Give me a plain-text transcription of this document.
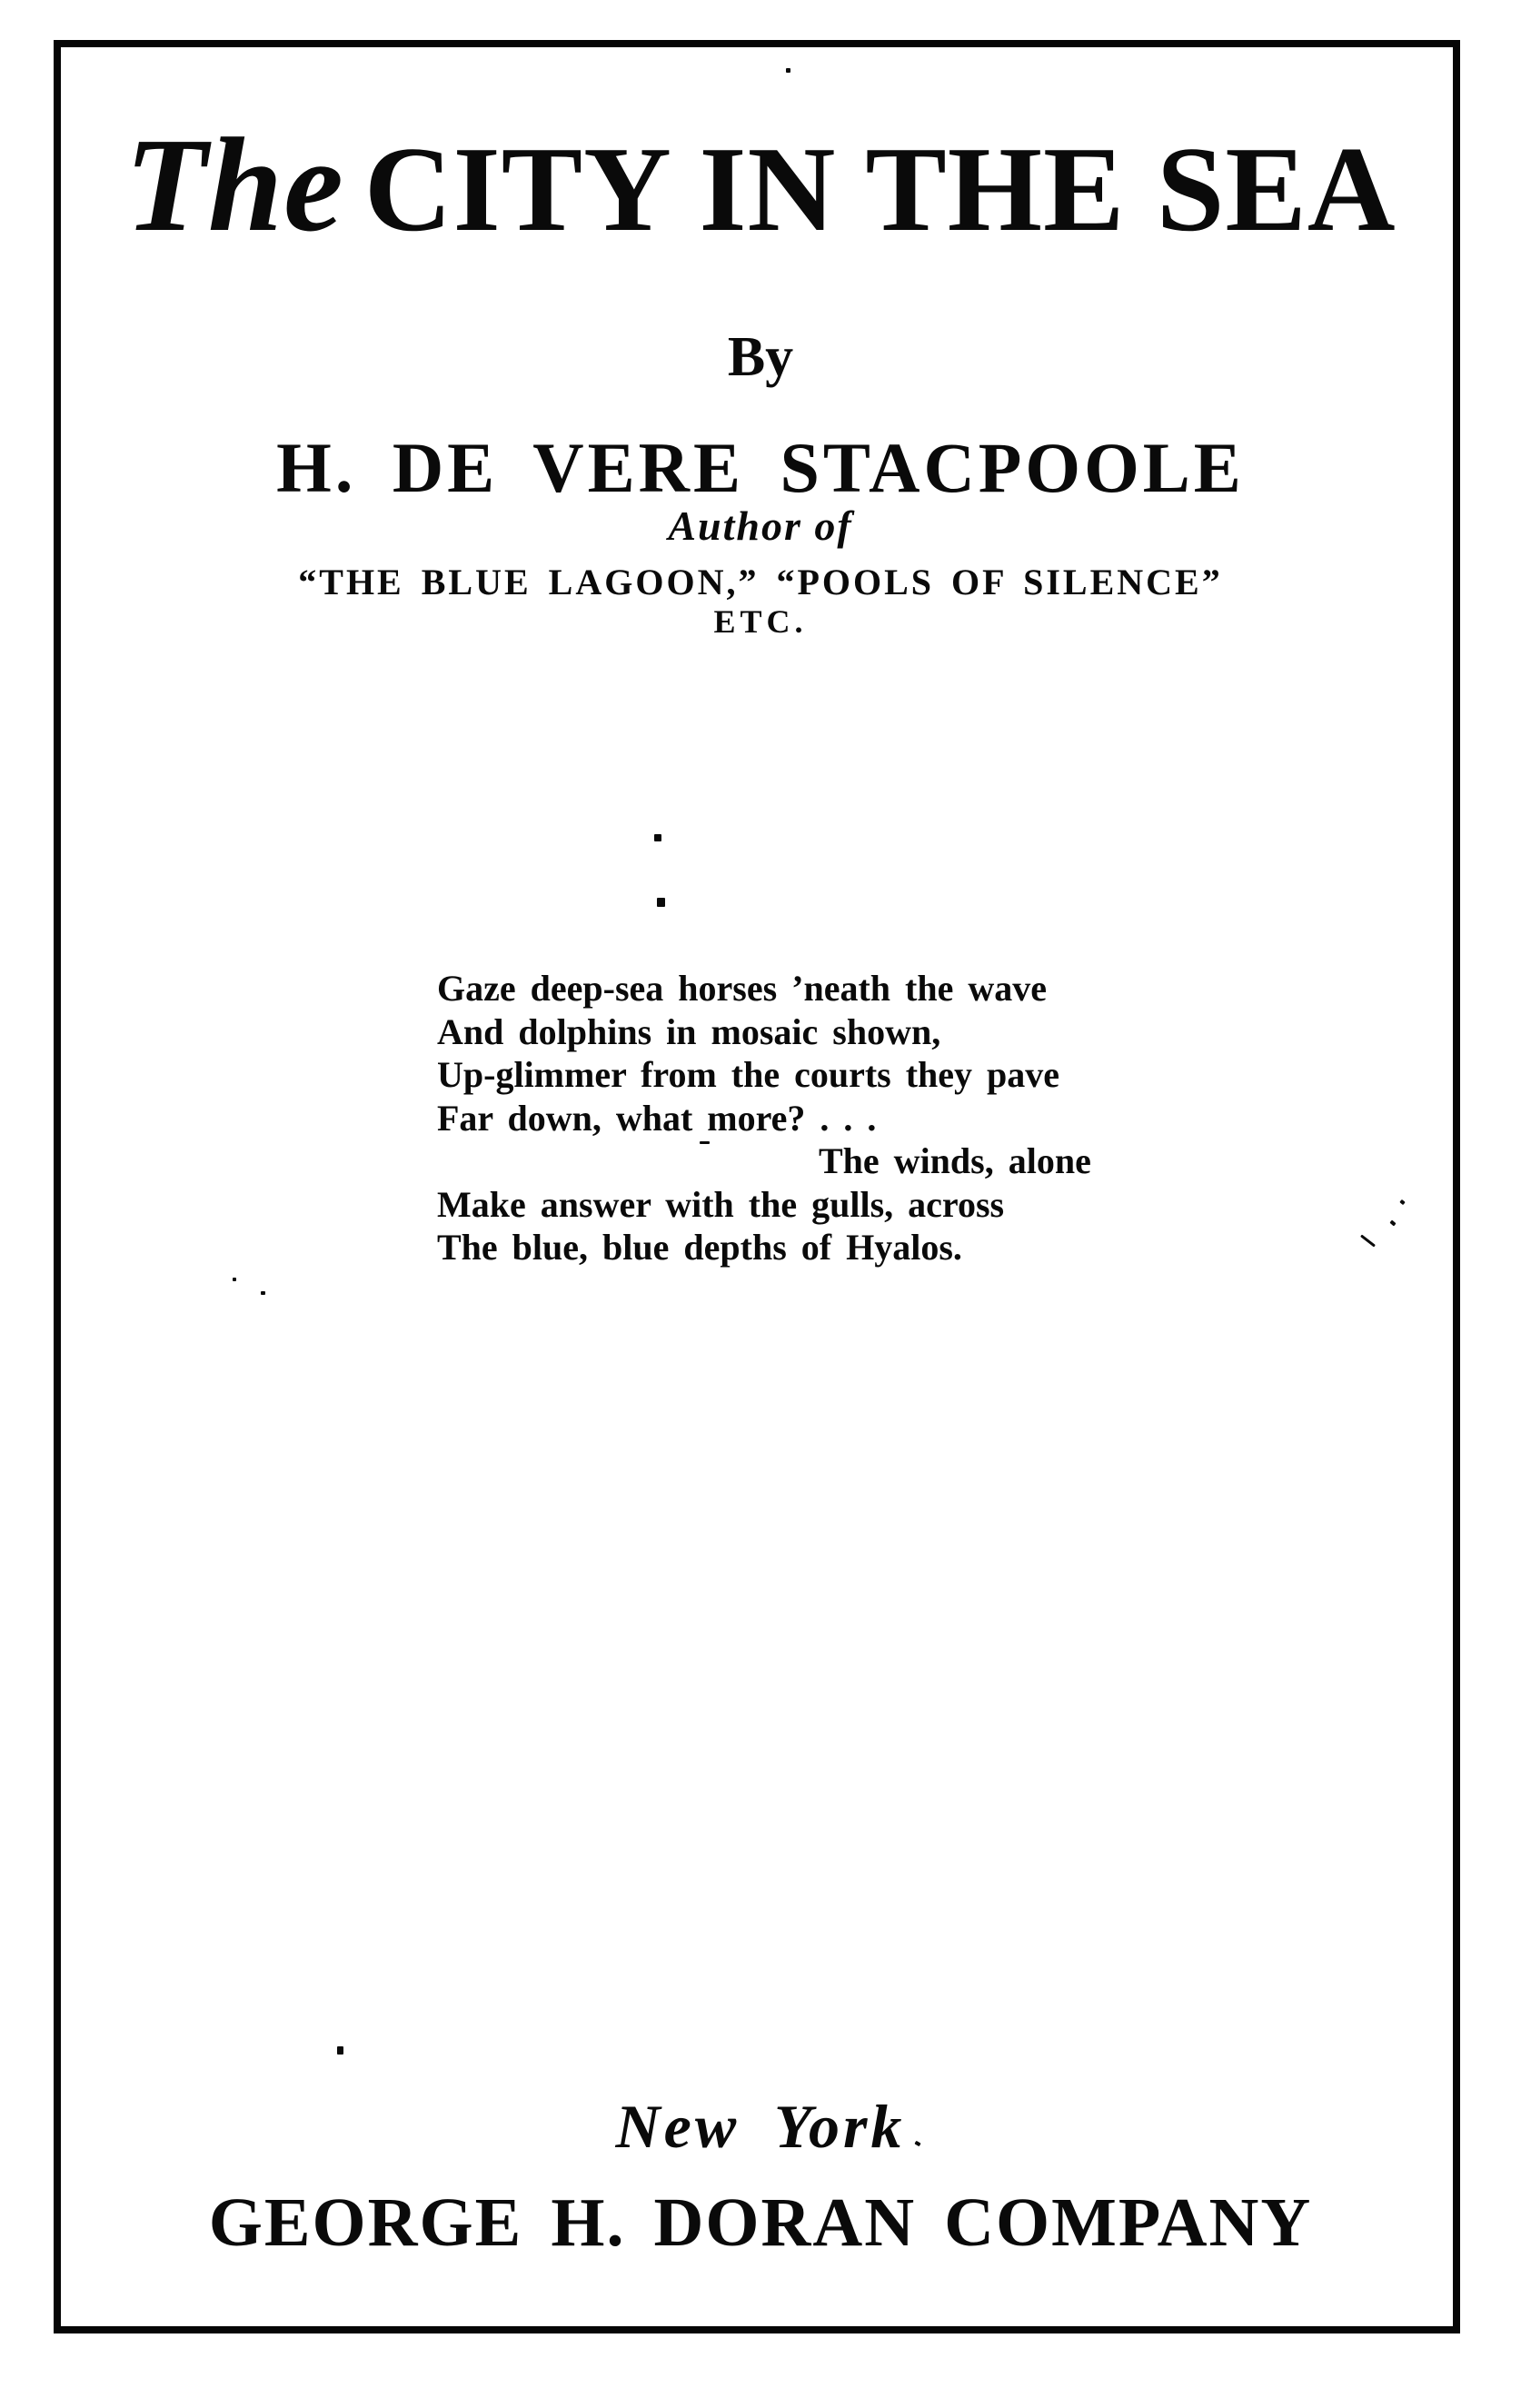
The CITY IN THE SEA
By
H. DE VERE STACPOOLE
Author of
“THE BLUE LAGOON,” “POOLS OF SILENCE”
ETC.
Gaze deep-sea horses ’neath the wave
And dolphins in mosaic shown,
Up-glimmer from the courts they pave
Far down, what more? . . .
The winds, alone
Make answer with the gulls, across
The blue, blue depths of Hyalos.
New York
GEORGE H. DORAN COMPANY
